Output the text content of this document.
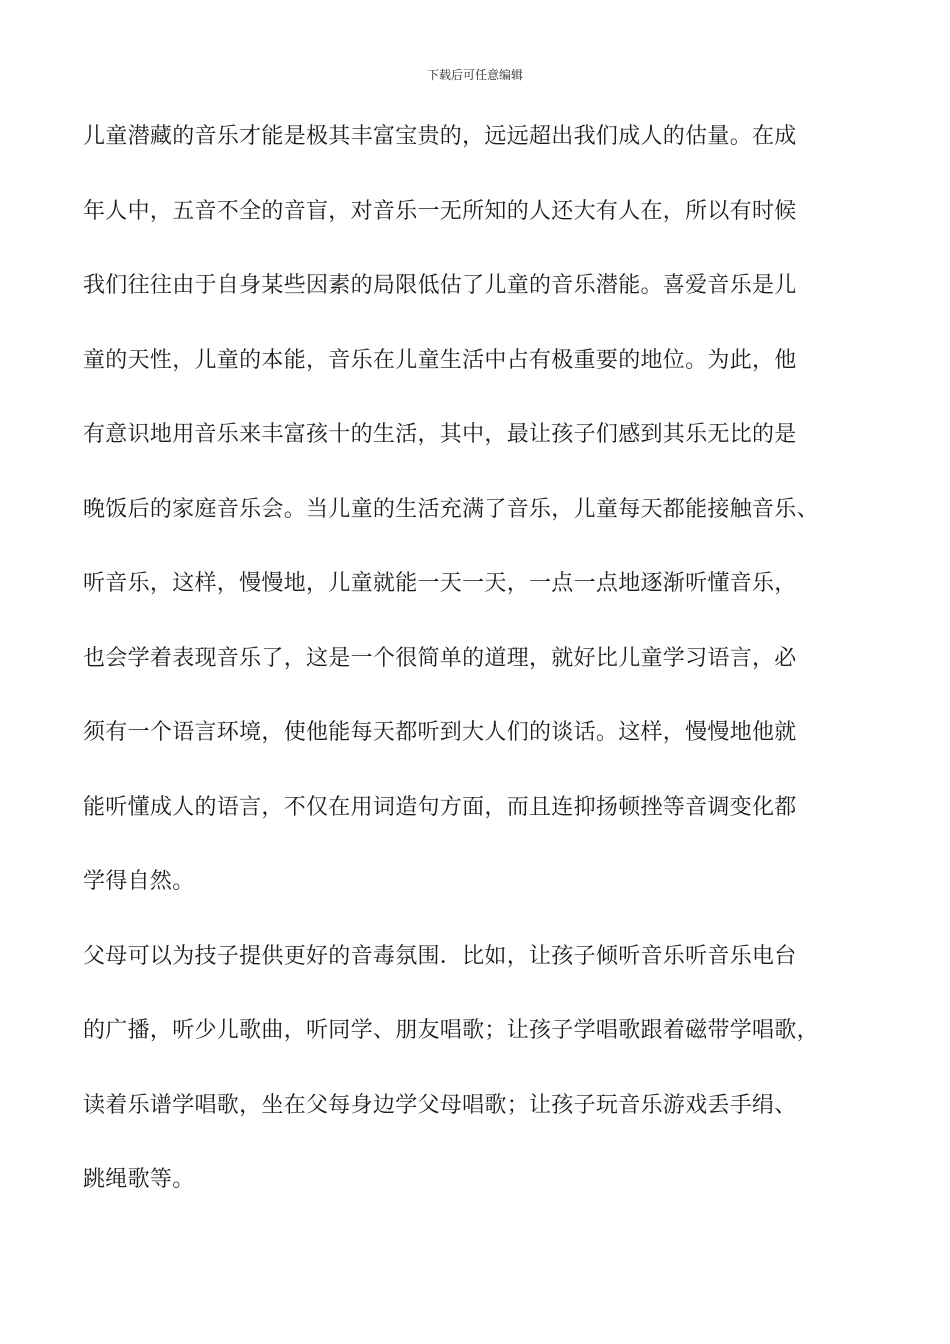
下载后可任意编辑

儿童潜藏的音乐才能是极其丰富宝贵的，远远超出我们成人的估量。在成

年人中，五音不全的音盲，对音乐一无所知的人还大有人在，所以有时候

我们往往由于自身某些因素的局限低估了儿童的音乐潜能。喜爱音乐是儿

童的天性，儿童的本能，音乐在儿童生活中占有极重要的地位。为此，他

有意识地用音乐来丰富孩十的生活，其中，最让孩子们感到其乐无比的是

晚饭后的家庭音乐会。当儿童的生活充满了音乐，儿童每天都能接触音乐、

听音乐，这样，慢慢地，儿童就能一天一天，一点一点地逐渐听懂音乐，

也会学着表现音乐了，这是一个很简单的道理，就好比儿童学习语言，必

须有一个语言环境，使他能每天都听到大人们的谈话。这样，慢慢地他就

能听懂成人的语言，不仅在用词造句方面，而且连抑扬顿挫等音调变化都

学得自然。

父母可以为技子提供更好的音毒氛围．比如，让孩子倾听音乐听音乐电台

的广播，听少儿歌曲，听同学、朋友唱歌；让孩子学唱歌跟着磁带学唱歌，

读着乐谱学唱歌，坐在父每身边学父母唱歌；让孩子玩音乐游戏丢手绢、

跳绳歌等。
